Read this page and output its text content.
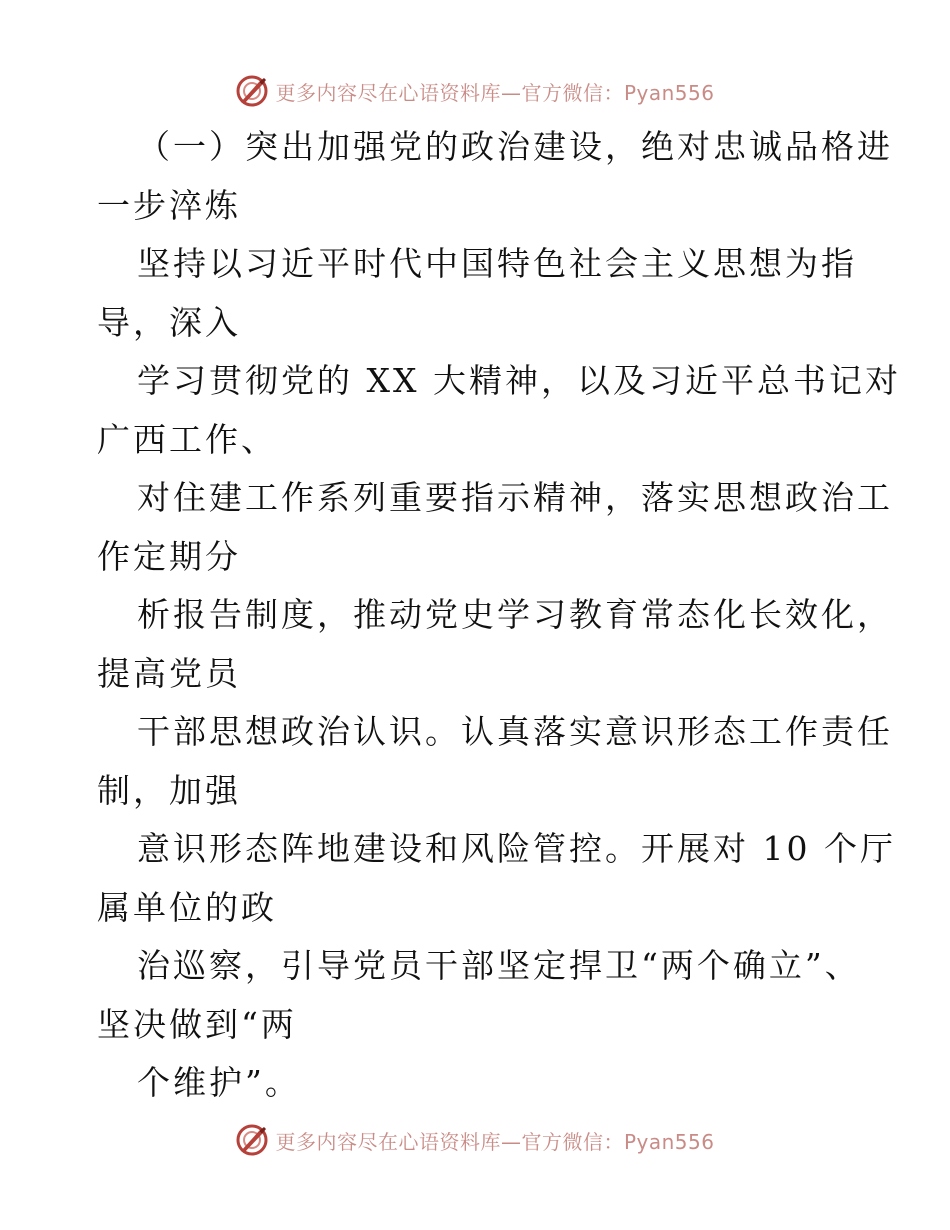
更多内容尽在心语资料库—官方微信：Pyan556
（一）突出加强党的政治建设，绝对忠诚品格进
一步淬炼
坚持以习近平时代中国特色社会主义思想为指
导，深入
学习贯彻党的 XX 大精神，以及习近平总书记对
广西工作、
对住建工作系列重要指示精神，落实思想政治工
作定期分
析报告制度，推动党史学习教育常态化长效化，
提高党员
干部思想政治认识。认真落实意识形态工作责任
制，加强
意识形态阵地建设和风险管控。开展对 10 个厅
属单位的政
治巡察，引导党员干部坚定捍卫“两个确立”、
坚决做到“两
个维护”。
更多内容尽在心语资料库—官方微信：Pyan556
